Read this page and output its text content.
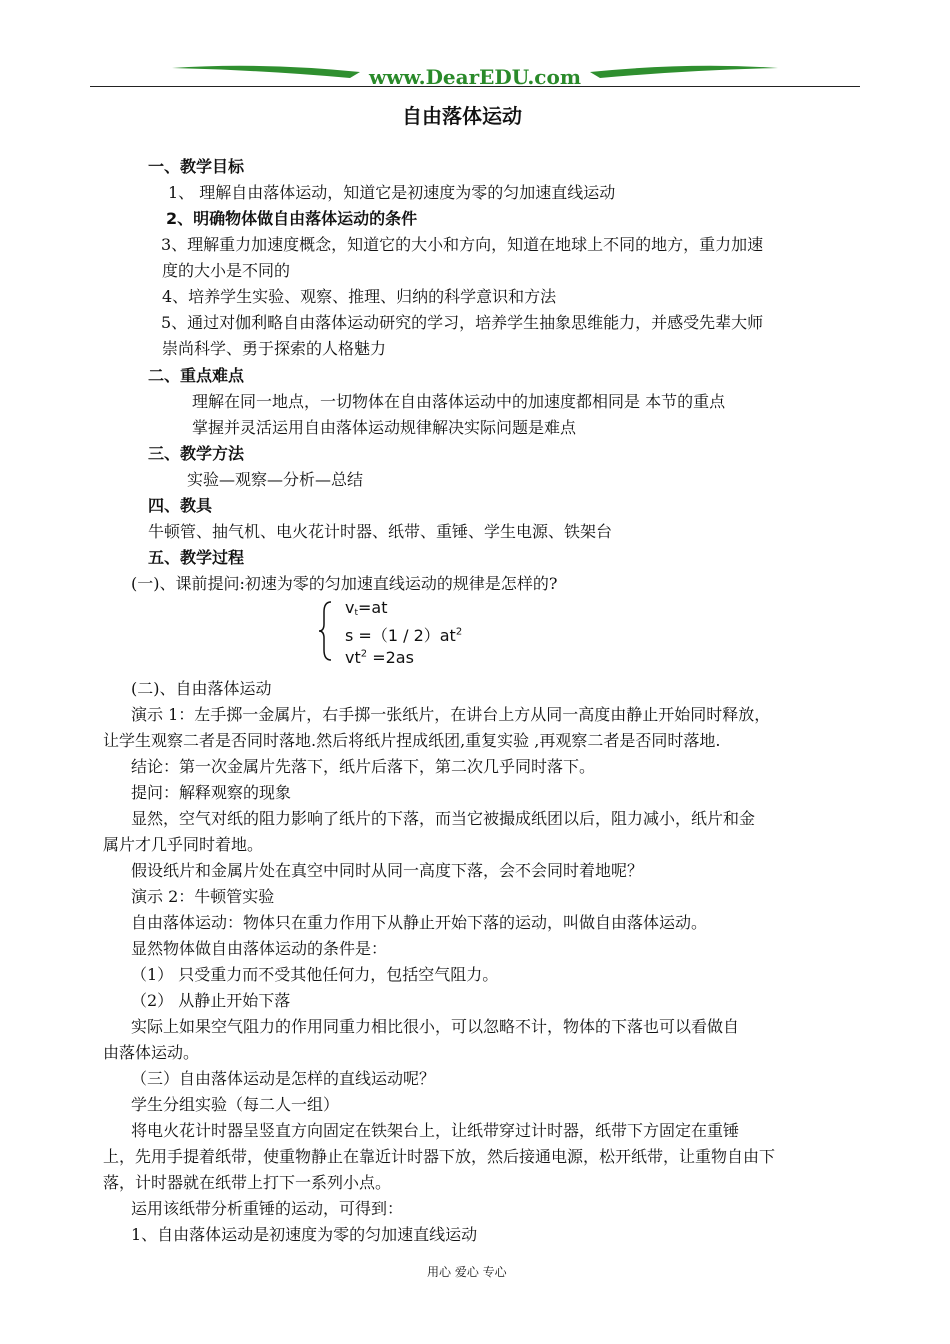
www.DearEDU.com
自由落体运动
一、教学目标
1、 理解自由落体运动，知道它是初速度为零的匀加速直线运动
2、明确物体做自由落体运动的条件
3、理解重力加速度概念，知道它的大小和方向，知道在地球上不同的地方，重力加速
度的大小是不同的
4、培养学生实验、观察、推理、归纳的科学意识和方法
5、通过对伽利略自由落体运动研究的学习，培养学生抽象思维能力，并感受先辈大师
崇尚科学、勇于探索的人格魅力
二、重点难点
理解在同一地点，一切物体在自由落体运动中的加速度都相同是 本节的重点
掌握并灵活运用自由落体运动规律解决实际问题是难点
三、教学方法
实验—观察—分析—总结
四、教具
牛顿管、抽气机、电火花计时器、纸带、重锤、学生电源、铁架台
五、教学过程
(一)、课前提问:初速为零的匀加速直线运动的规律是怎样的?
vt=at
$s =(1 / 2)at^2$
$vt^2 =2as$
(二)、自由落体运动
演示 1：左手掷一金属片，右手掷一张纸片，在讲台上方从同一高度由静止开始同时释放，
让学生观察二者是否同时落地.然后将纸片捏成纸团,重复实验 ,再观察二者是否同时落地.
结论：第一次金属片先落下，纸片后落下，第二次几乎同时落下。
提问：解释观察的现象
显然，空气对纸的阻力影响了纸片的下落，而当它被撮成纸团以后，阻力减小，纸片和金
属片才几乎同时着地。
假设纸片和金属片处在真空中同时从同一高度下落，会不会同时着地呢？
演示 2：牛顿管实验
自由落体运动：物体只在重力作用下从静止开始下落的运动，叫做自由落体运动。
显然物体做自由落体运动的条件是：
（1） 只受重力而不受其他任何力，包括空气阻力。
（2） 从静止开始下落
实际上如果空气阻力的作用同重力相比很小，可以忽略不计，物体的下落也可以看做自
由落体运动。
（三）自由落体运动是怎样的直线运动呢？
学生分组实验（每二人一组）
将电火花计时器呈竖直方向固定在铁架台上，让纸带穿过计时器，纸带下方固定在重锤
上，先用手提着纸带，使重物静止在靠近计时器下放，然后接通电源，松开纸带，让重物自由下
落，计时器就在纸带上打下一系列小点。
运用该纸带分析重锤的运动，可得到：
1、自由落体运动是初速度为零的匀加速直线运动
用心 爱心 专心
